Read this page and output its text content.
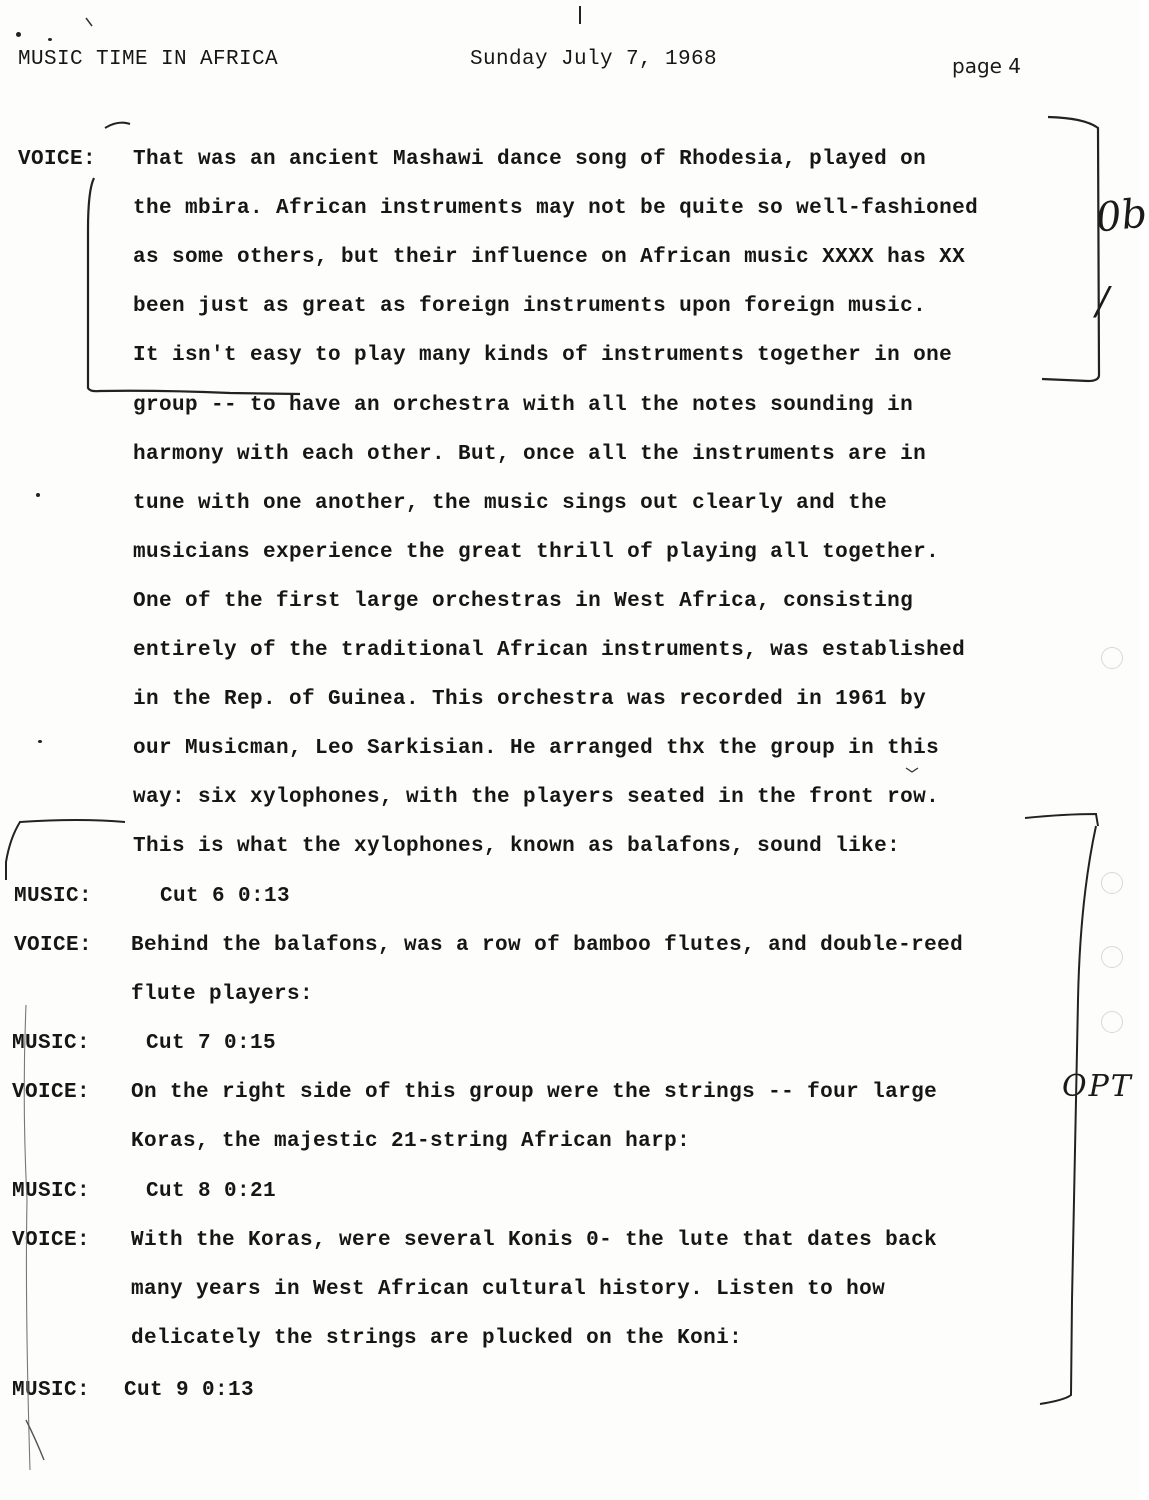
MUSIC TIME IN AFRICA	Sunday July 7, 1968	page 4
VOICE: That was an ancient Mashawi dance song of Rhodesia, played on
the mbira. African instruments may not be quite so well-fashioned
as some others, but their influence on African music XXXX has XX
been just as great as foreign instruments upon foreign music.
It isn't easy to play many kinds of instruments together in one
group -- to have an orchestra with all the notes sounding in
harmony with each other. But, once all the instruments are in
tune with one another, the music sings out clearly and the
musicians experience the great thrill of playing all together.
One of the first large orchestras in West Africa, consisting
entirely of the traditional African instruments, was established
in the Rep. of Guinea. This orchestra was recorded in 1961 by
our Musicman, Leo Sarkisian. He arranged thx the group in this
way: six xylophones, with the players seated in the front row.
This is what the xylophones, known as balafons, sound like:
MUSIC:	Cut 6 0:13
VOICE: Behind the balafons, was a row of bamboo flutes, and double-reed
flute players:
MUSIC:	Cut 7 0:15
VOICE: On the right side of this group were the strings -- four large
Koras, the majestic 21-string African harp:
MUSIC:	Cut 8 0:21
VOICE: With the Koras, were several Konis 0- the lute that dates back
many years in West African cultural history. Listen to how
delicately the strings are plucked on the Koni:
MUSIC: Cut 9 0:13
0b
/
OPT
